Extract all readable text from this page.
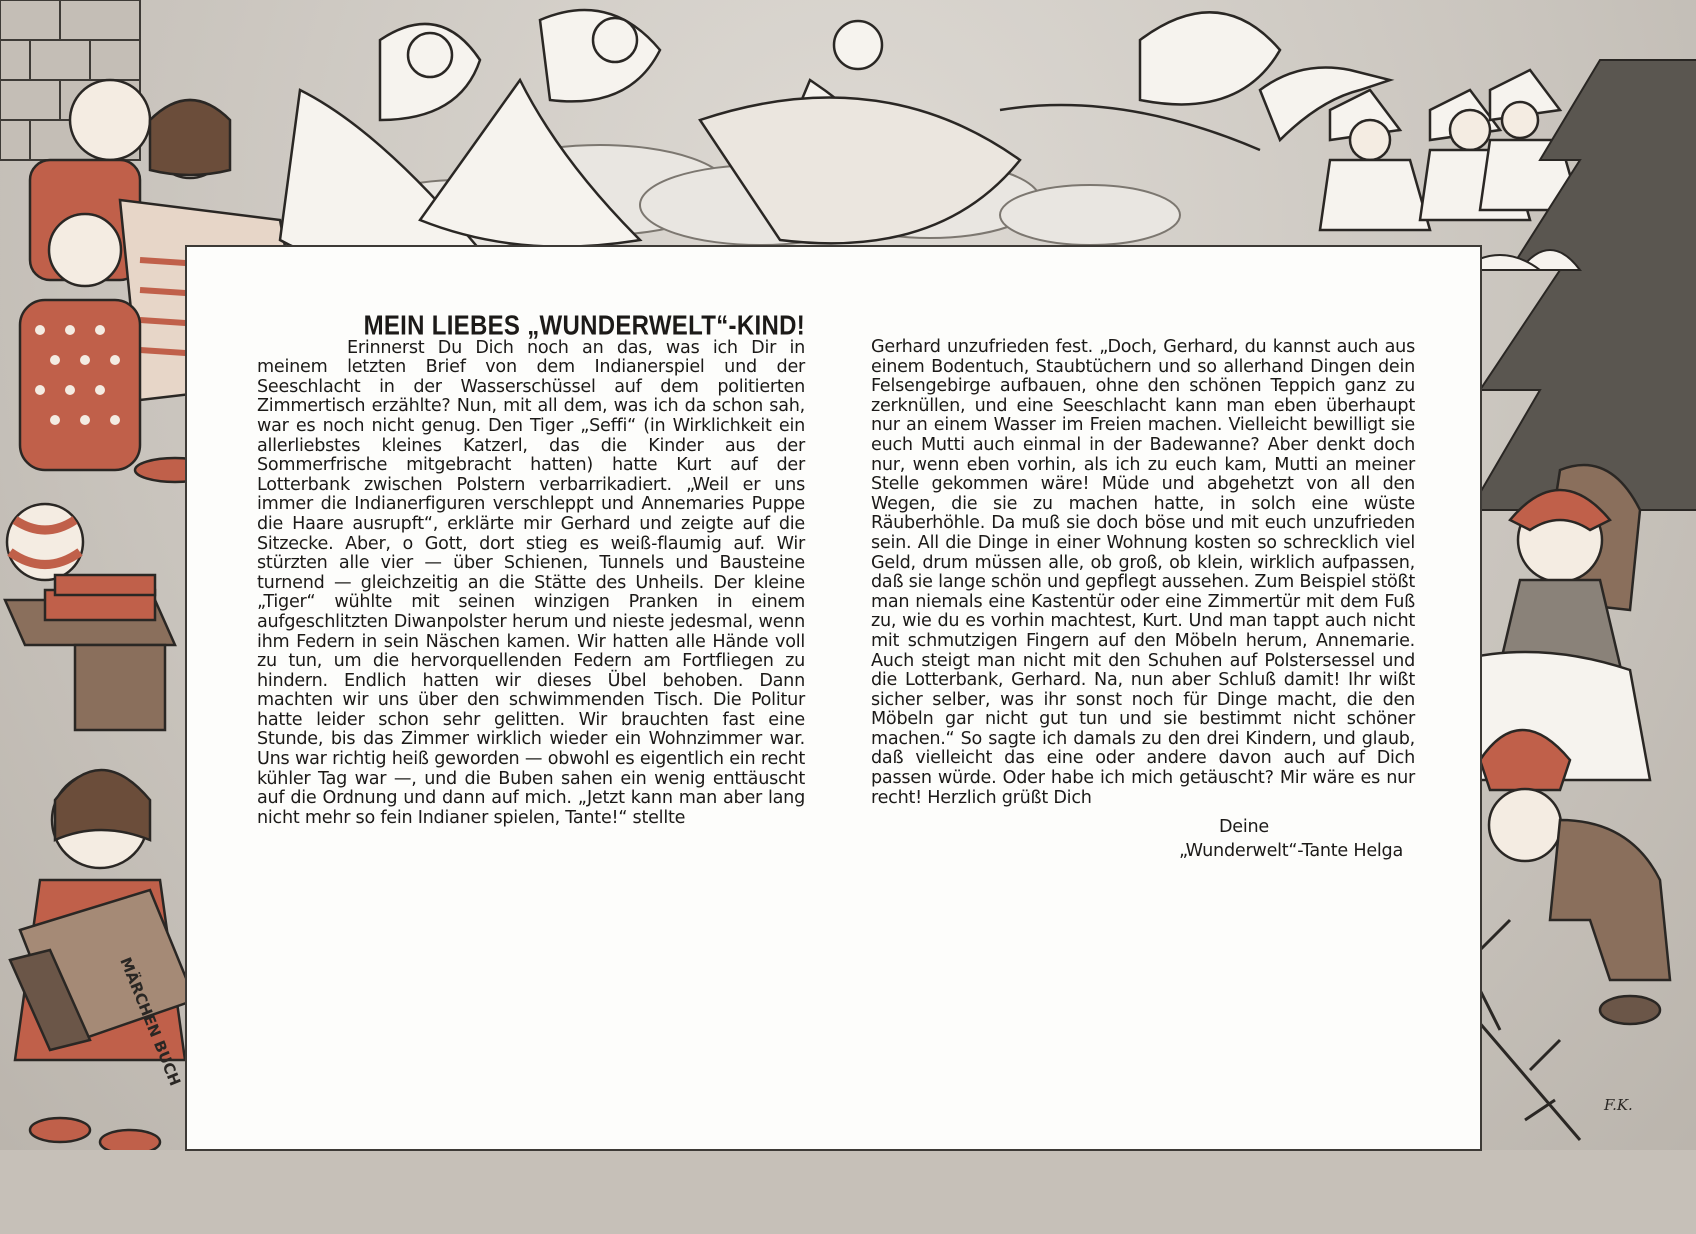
MÄRCHEN BUCH
MEIN LIEBES „WUNDERWELT“-KIND!

Erinnerst Du Dich noch an das, was ich Dir in meinem letzten Brief von dem Indianerspiel und der Seeschlacht in der Wasserschüssel auf dem politierten Zimmertisch erzählte? Nun, mit all dem, was ich da schon sah, war es noch nicht genug. Den Tiger „Seffi“ (in Wirklichkeit ein allerliebstes kleines Katzerl, das die Kinder aus der Sommerfrische mitgebracht hatten) hatte Kurt auf der Lotterbank zwischen Polstern verbarrikadiert. „Weil er uns immer die Indianerfiguren verschleppt und Annemaries Puppe die Haare ausrupft“, erklärte mir Gerhard und zeigte auf die Sitzecke. Aber, o Gott, dort stieg es weiß-flaumig auf. Wir stürzten alle vier — über Schienen, Tunnels und Bausteine turnend — gleichzeitig an die Stätte des Unheils. Der kleine „Tiger“ wühlte mit seinen winzigen Pranken in einem aufgeschlitzten Diwanpolster herum und nieste jedesmal, wenn ihm Federn in sein Näschen kamen. Wir hatten alle Hände voll zu tun, um die hervorquellenden Federn am Fortfliegen zu hindern. Endlich hatten wir dieses Übel behoben. Dann machten wir uns über den schwimmenden Tisch. Die Politur hatte leider schon sehr gelitten. Wir brauchten fast eine Stunde, bis das Zimmer wirklich wieder ein Wohnzimmer war. Uns war richtig heiß geworden — obwohl es eigentlich ein recht kühler Tag war —, und die Buben sahen ein wenig enttäuscht auf die Ordnung und dann auf mich. „Jetzt kann man aber lang nicht mehr so fein Indianer spielen, Tante!“ stellte

Gerhard unzufrieden fest. „Doch, Gerhard, du kannst auch aus einem Bodentuch, Staubtüchern und so allerhand Dingen dein Felsengebirge aufbauen, ohne den schönen Teppich ganz zu zerknüllen, und eine Seeschlacht kann man eben überhaupt nur an einem Wasser im Freien machen. Vielleicht bewilligt sie euch Mutti auch einmal in der Badewanne? Aber denkt doch nur, wenn eben vorhin, als ich zu euch kam, Mutti an meiner Stelle gekommen wäre! Müde und abgehetzt von all den Wegen, die sie zu machen hatte, in solch eine wüste Räuberhöhle. Da muß sie doch böse und mit euch unzufrieden sein. All die Dinge in einer Wohnung kosten so schrecklich viel Geld, drum müssen alle, ob groß, ob klein, wirklich aufpassen, daß sie lange schön und gepflegt aussehen. Zum Beispiel stößt man niemals eine Kastentür oder eine Zimmertür mit dem Fuß zu, wie du es vorhin machtest, Kurt. Und man tappt auch nicht mit schmutzigen Fingern auf den Möbeln herum, Annemarie. Auch steigt man nicht mit den Schuhen auf Polstersessel und die Lotterbank, Gerhard. Na, nun aber Schluß damit! Ihr wißt sicher selber, was ihr sonst noch für Dinge macht, die den Möbeln gar nicht gut tun und sie bestimmt nicht schöner machen.“ So sagte ich damals zu den drei Kindern, und glaub, daß vielleicht das eine oder andere davon auch auf Dich passen würde. Oder habe ich mich getäuscht? Mir wäre es nur recht! Herzlich grüßt Dich

Deine
„Wunderwelt“-Tante Helga
F.K.
